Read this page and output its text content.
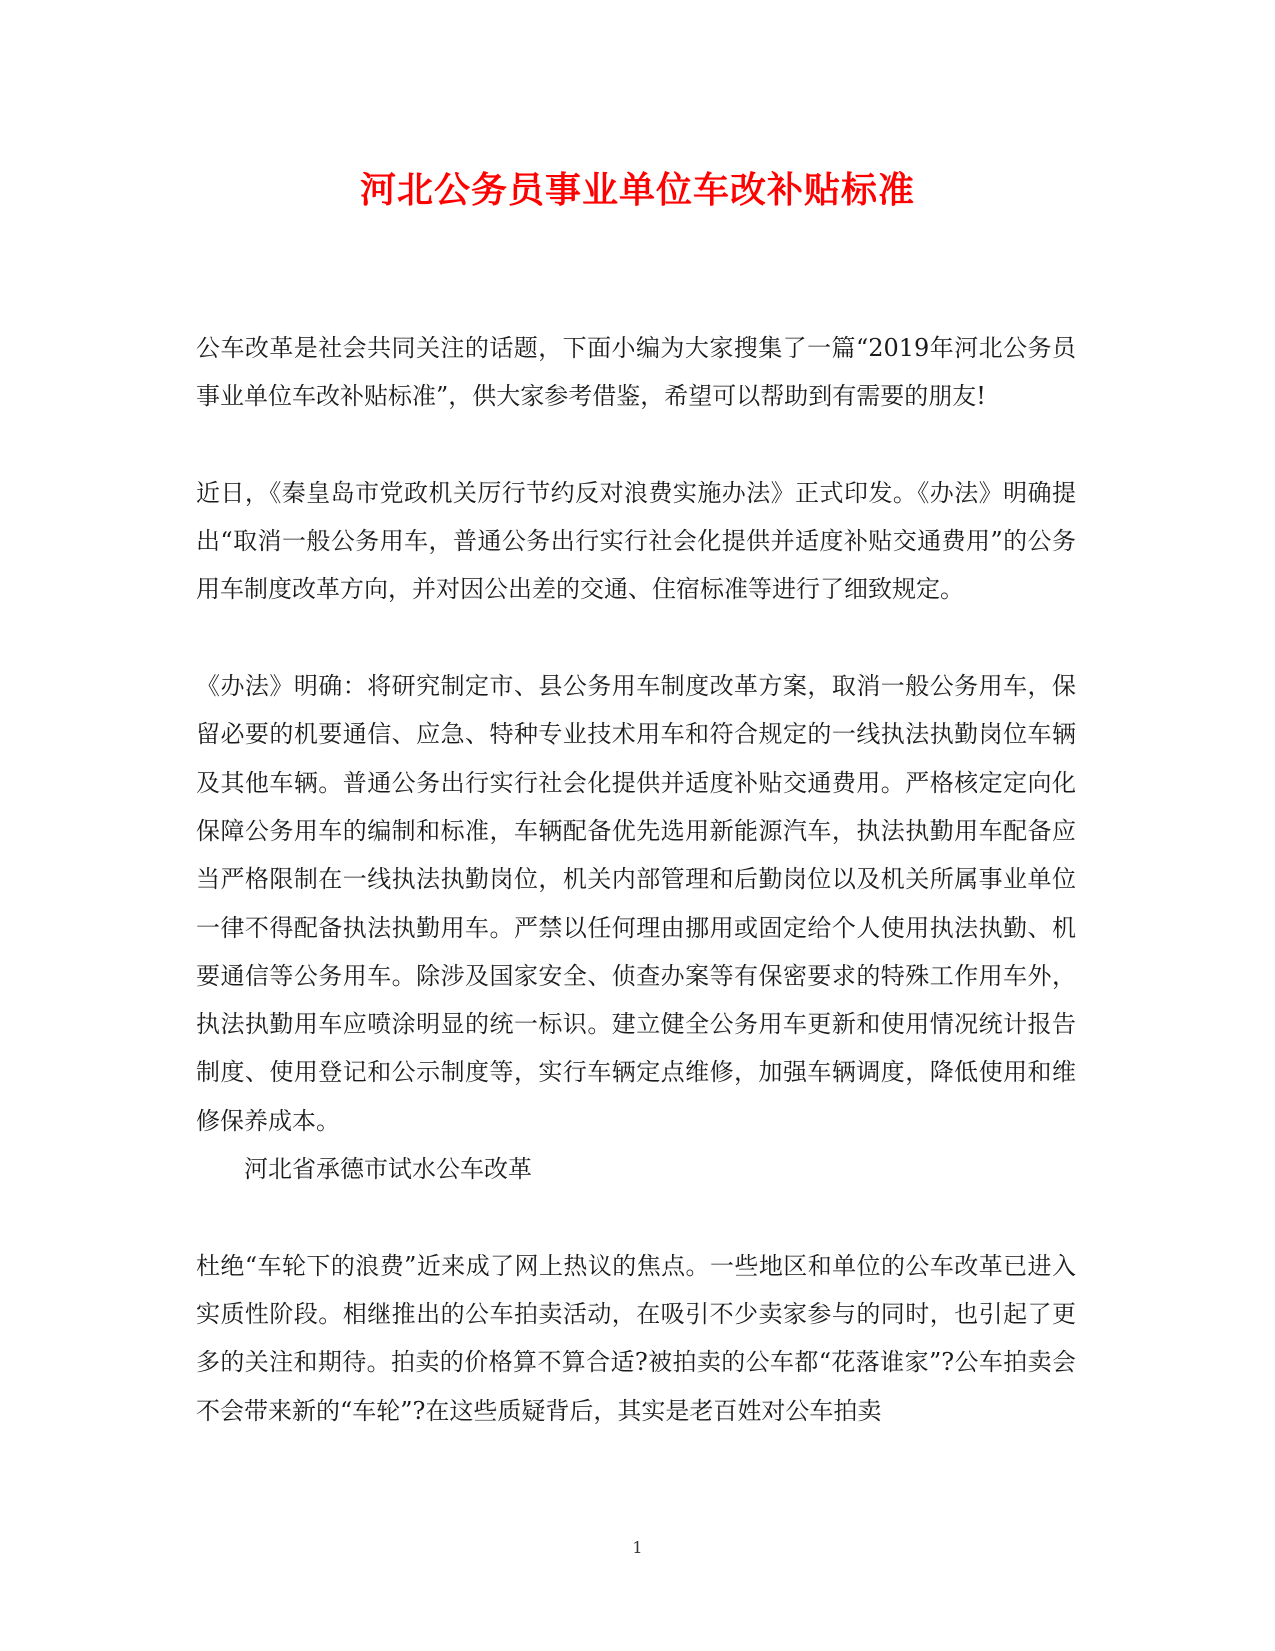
河北公务员事业单位车改补贴标准

公车改革是社会共同关注的话题，下面小编为大家搜集了一篇“2019年河北公务员事业单位车改补贴标准”，供大家参考借鉴，希望可以帮助到有需要的朋友!

近日，《秦皇岛市党政机关厉行节约反对浪费实施办法》正式印发。《办法》明确提出“取消一般公务用车，普通公务出行实行社会化提供并适度补贴交通费用”的公务用车制度改革方向，并对因公出差的交通、住宿标准等进行了细致规定。

《办法》明确：将研究制定市、县公务用车制度改革方案，取消一般公务用车，保留必要的机要通信、应急、特种专业技术用车和符合规定的一线执法执勤岗位车辆及其他车辆。普通公务出行实行社会化提供并适度补贴交通费用。严格核定定向化保障公务用车的编制和标准，车辆配备优先选用新能源汽车，执法执勤用车配备应当严格限制在一线执法执勤岗位，机关内部管理和后勤岗位以及机关所属事业单位一律不得配备执法执勤用车。严禁以任何理由挪用或固定给个人使用执法执勤、机要通信等公务用车。除涉及国家安全、侦查办案等有保密要求的特殊工作用车外，执法执勤用车应喷涂明显的统一标识。建立健全公务用车更新和使用情况统计报告制度、使用登记和公示制度等，实行车辆定点维修，加强车辆调度，降低使用和维修保养成本。

河北省承德市试水公车改革

杜绝“车轮下的浪费”近来成了网上热议的焦点。一些地区和单位的公车改革已进入实质性阶段。相继推出的公车拍卖活动，在吸引不少卖家参与的同时，也引起了更多的关注和期待。拍卖的价格算不算合适?被拍卖的公车都“花落谁家”?公车拍卖会不会带来新的“车轮”?在这些质疑背后，其实是老百姓对公车拍卖

1
